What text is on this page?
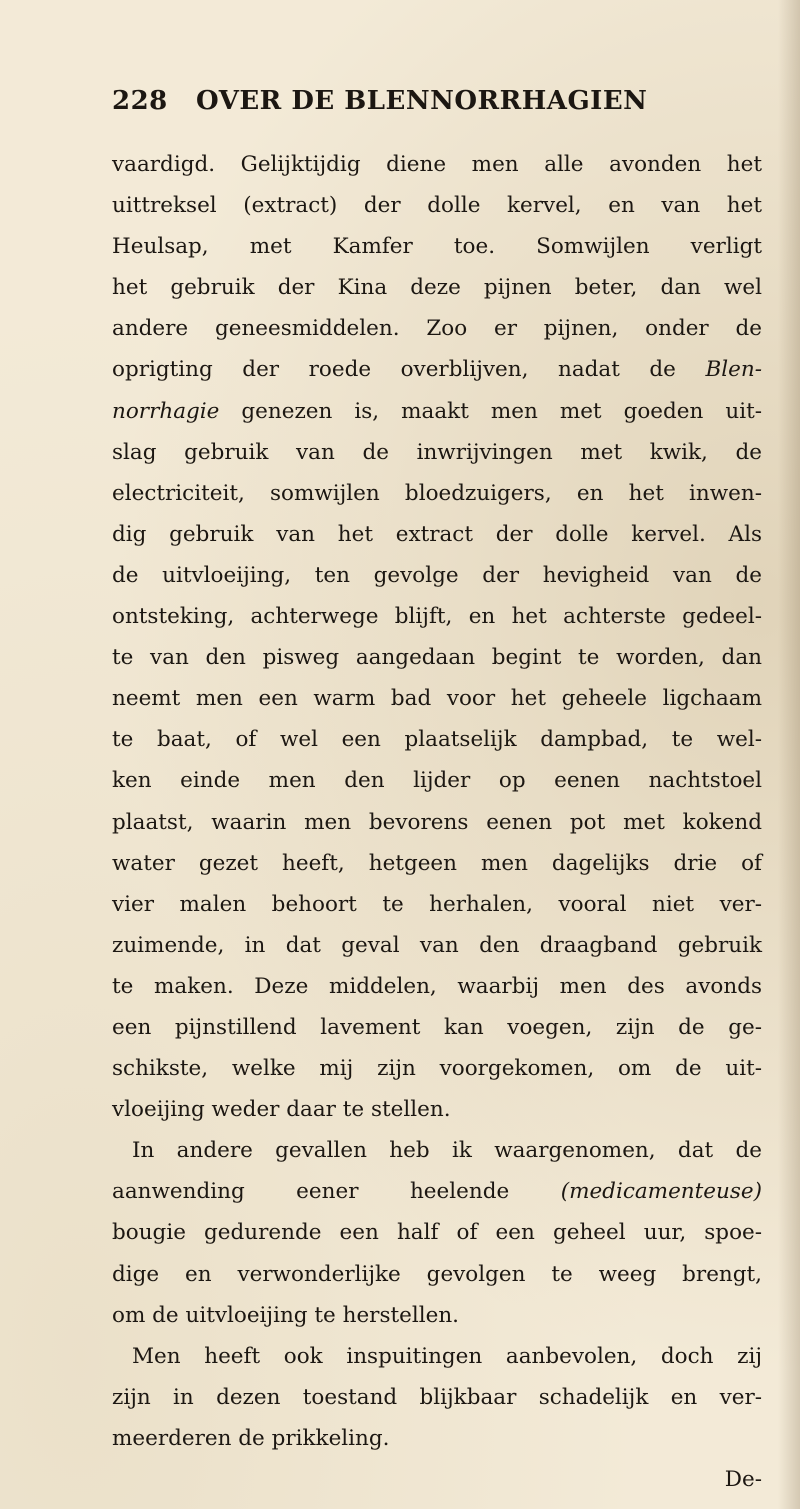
228 OVER DE BLENNORRHAGIEN
vaardigd. Gelijktijdig diene men alle avonden het
uittreksel (extract) der dolle kervel, en van het
Heulsap, met Kamfer toe. Somwijlen verligt
het gebruik der Kina deze pijnen beter, dan wel
andere geneesmiddelen. Zoo er pijnen, onder de
oprigting der roede overblijven, nadat de Blen-
norrhagie genezen is, maakt men met goeden uit-
slag gebruik van de inwrijvingen met kwik, de
electriciteit, somwijlen bloedzuigers, en het inwen-
dig gebruik van het extract der dolle kervel. Als
de uitvloeijing, ten gevolge der hevigheid van de
ontsteking, achterwege blijft, en het achterste gedeel-
te van den pisweg aangedaan begint te worden, dan
neemt men een warm bad voor het geheele ligchaam
te baat, of wel een plaatselijk dampbad, te wel-
ken einde men den lijder op eenen nachtstoel
plaatst, waarin men bevorens eenen pot met kokend
water gezet heeft, hetgeen men dagelijks drie of
vier malen behoort te herhalen, vooral niet ver-
zuimende, in dat geval van den draagband gebruik
te maken. Deze middelen, waarbij men des avonds
een pijnstillend lavement kan voegen, zijn de ge-
schikste, welke mij zijn voorgekomen, om de uit-
vloeijing weder daar te stellen.
In andere gevallen heb ik waargenomen, dat de
aanwending eener heelende (medicamenteuse)
bougie gedurende een half of een geheel uur, spoe-
dige en verwonderlijke gevolgen te weeg brengt,
om de uitvloeijing te herstellen.
Men heeft ook inspuitingen aanbevolen, doch zij
zijn in dezen toestand blijkbaar schadelijk en ver-
meerderen de prikkeling.
De-
